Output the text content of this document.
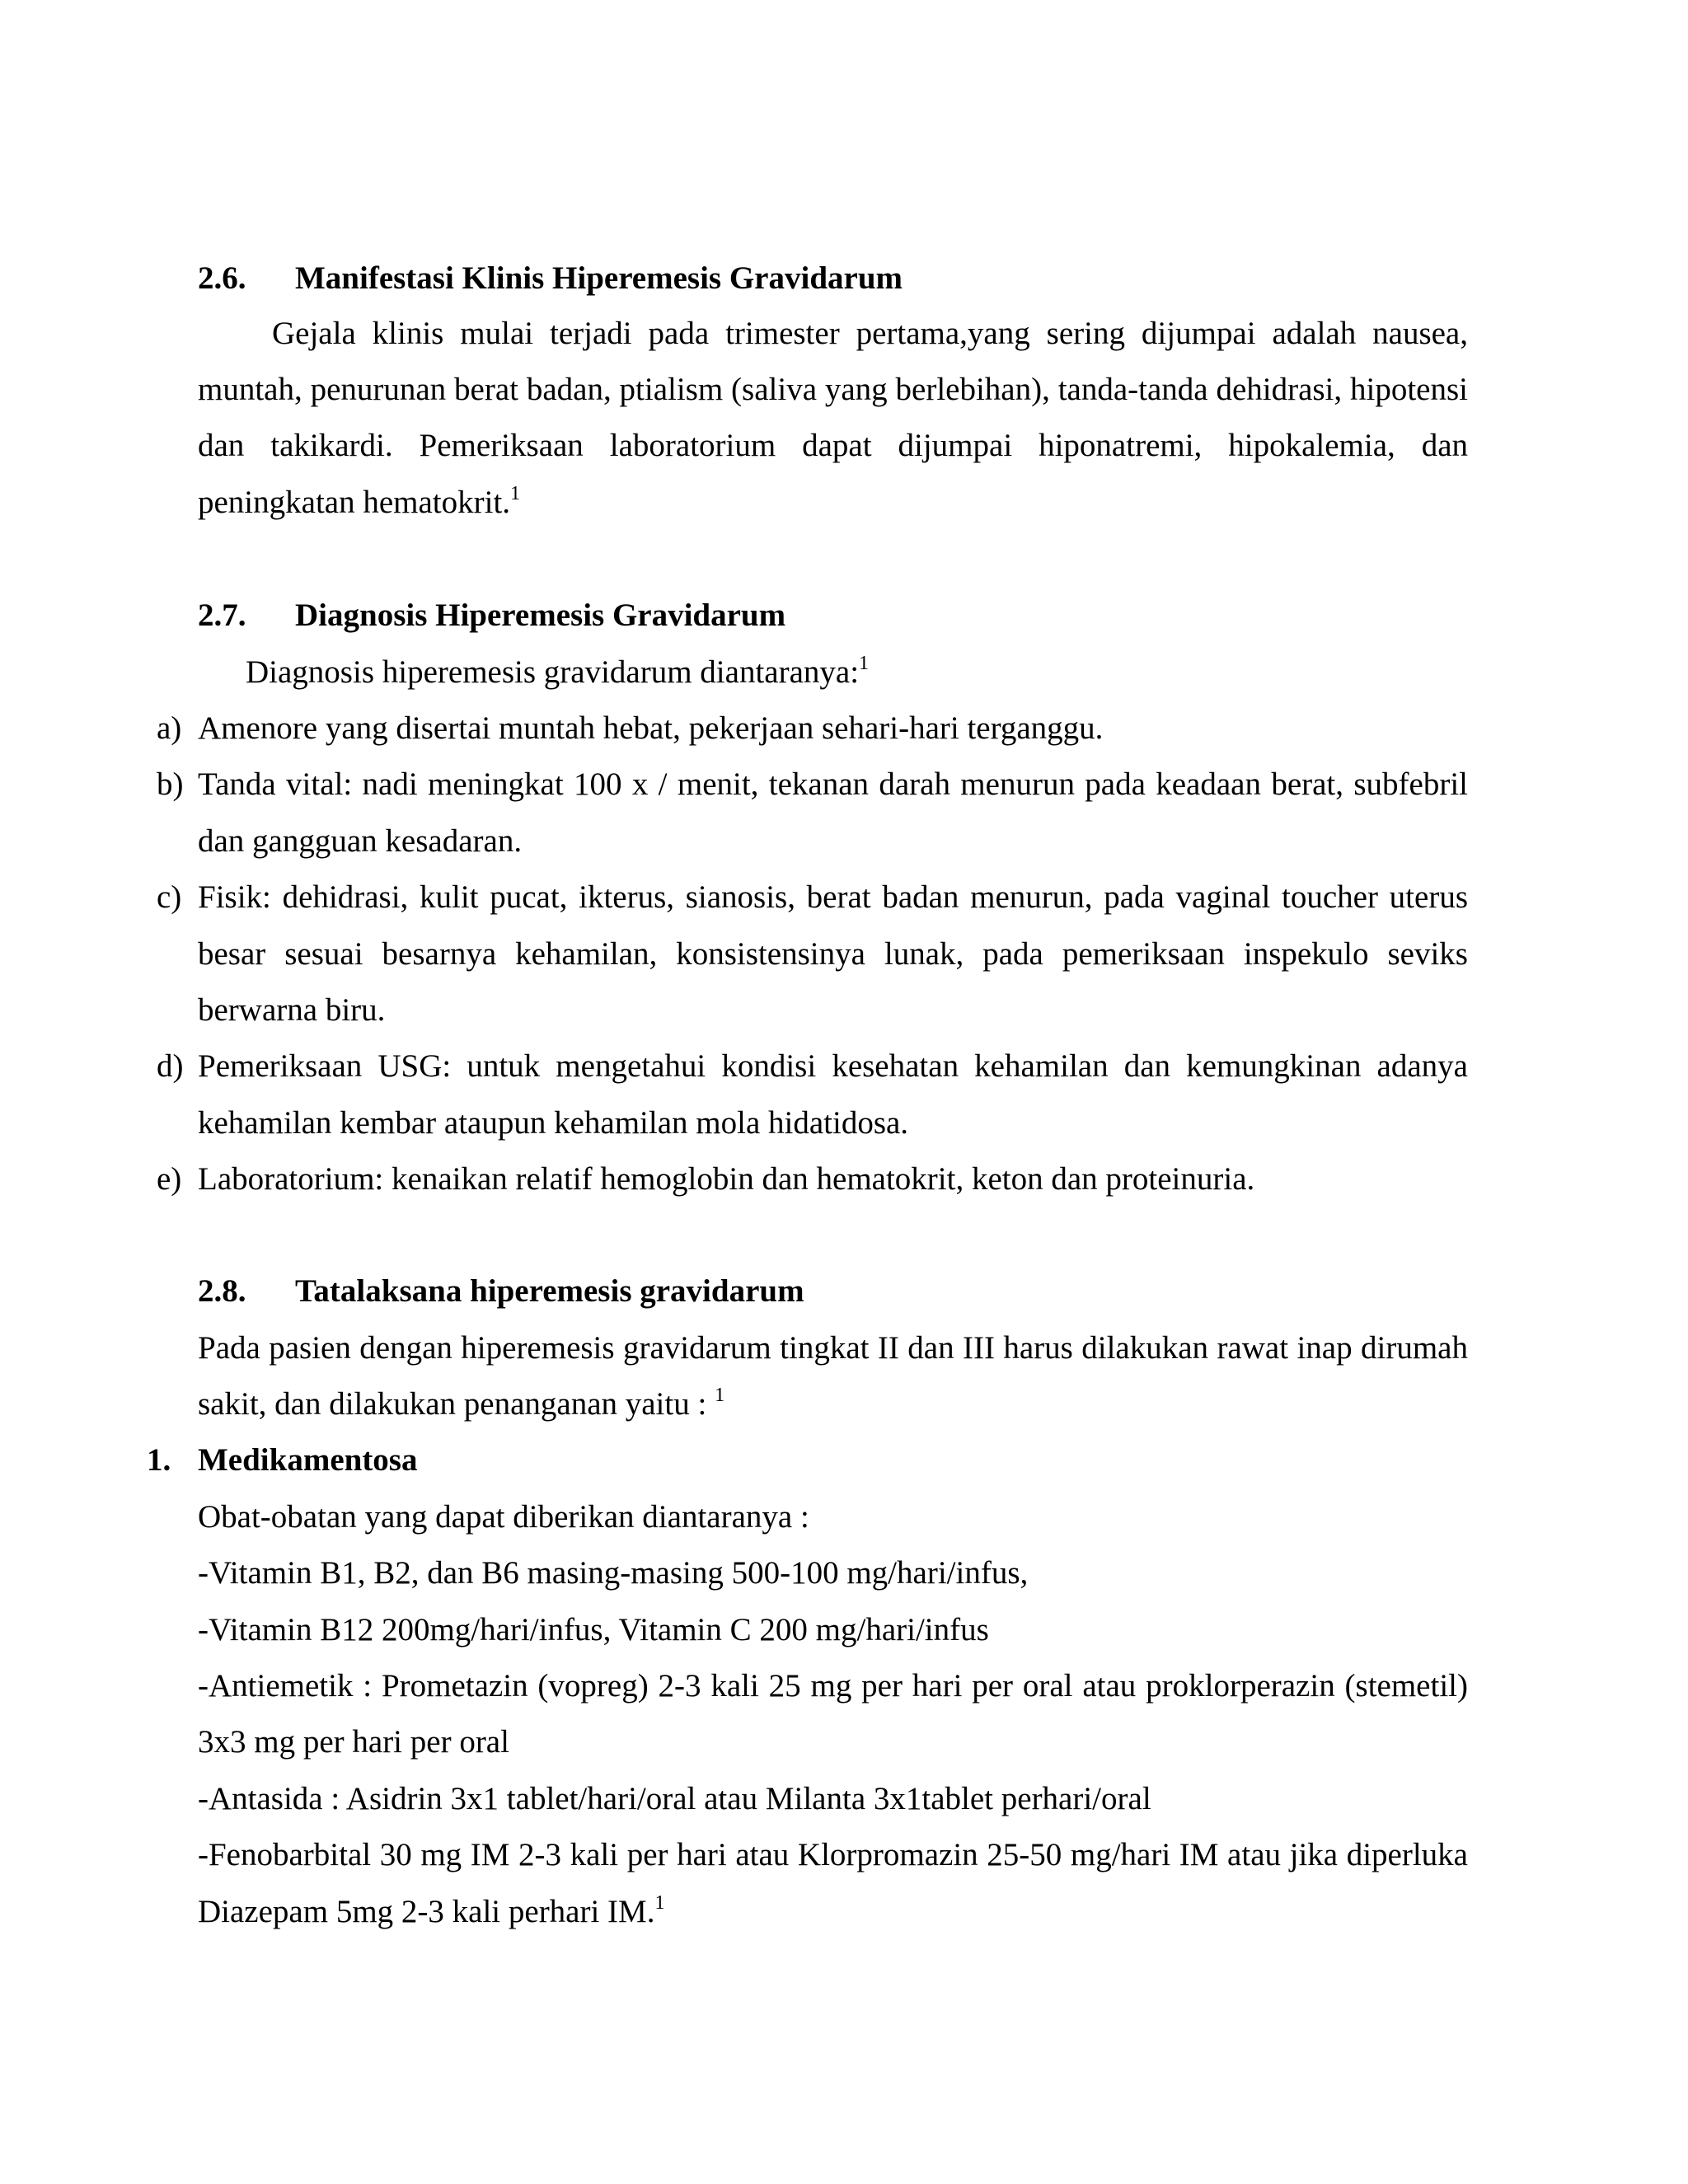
2.6. Manifestasi Klinis Hiperemesis Gravidarum
Gejala klinis mulai terjadi pada trimester pertama,yang sering dijumpai adalah nausea,
muntah, penurunan berat badan, ptialism (saliva yang berlebihan), tanda-tanda dehidrasi, hipotensi
dan takikardi. Pemeriksaan laboratorium dapat dijumpai hiponatremi, hipokalemia, dan
peningkatan hematokrit.$^1$
2.7. Diagnosis Hiperemesis Gravidarum
Diagnosis hiperemesis gravidarum diantaranya:$^1$
a) Amenore yang disertai muntah hebat, pekerjaan sehari-hari terganggu.
b) Tanda vital: nadi meningkat 100 x / menit, tekanan darah menurun pada keadaan berat, subfebril
dan gangguan kesadaran.
c) Fisik: dehidrasi, kulit pucat, ikterus, sianosis, berat badan menurun, pada vaginal toucher uterus
besar sesuai besarnya kehamilan, konsistensinya lunak, pada pemeriksaan inspekulo seviks
berwarna biru.
d) Pemeriksaan USG: untuk mengetahui kondisi kesehatan kehamilan dan kemungkinan adanya
kehamilan kembar ataupun kehamilan mola hidatidosa.
e) Laboratorium: kenaikan relatif hemoglobin dan hematokrit, keton dan proteinuria.
2.8. Tatalaksana hiperemesis gravidarum
Pada pasien dengan hiperemesis gravidarum tingkat II dan III harus dilakukan rawat inap dirumah
sakit, dan dilakukan penanganan yaitu : $^1$
1. Medikamentosa
Obat-obatan yang dapat diberikan diantaranya :
-Vitamin B1, B2, dan B6 masing-masing 500-100 mg/hari/infus,
-Vitamin B12 200mg/hari/infus, Vitamin C 200 mg/hari/infus
-Antiemetik : Prometazin (vopreg) 2-3 kali 25 mg per hari per oral atau proklorperazin (stemetil)
3x3 mg per hari per oral
-Antasida : Asidrin 3x1 tablet/hari/oral atau Milanta 3x1tablet perhari/oral
-Fenobarbital 30 mg IM 2-3 kali per hari atau Klorpromazin 25-50 mg/hari IM atau jika diperluka
Diazepam 5mg 2-3 kali perhari IM.$^1$
